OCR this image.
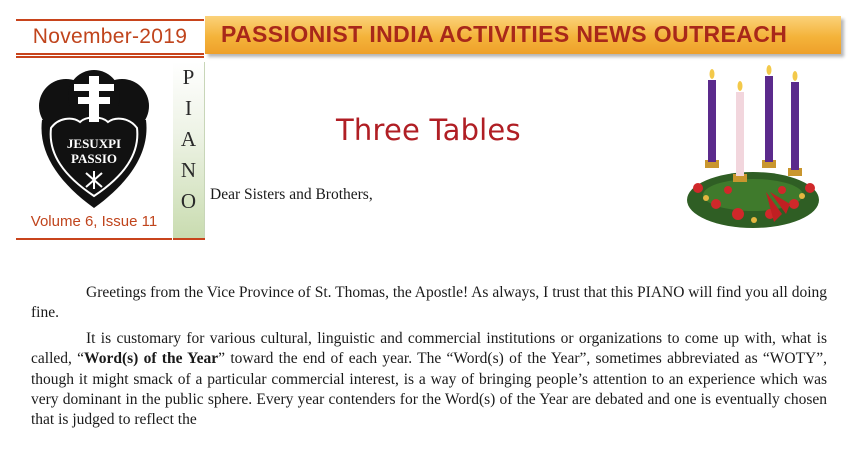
November-2019	PASSIONIST INDIA ACTIVITIES NEWS OUTREACH
JESUXPI
PASSIO
Volume 6, Issue 11
P
I
A
N
O
Three Tables
Dear Sisters and Brothers,

Greetings from the Vice Province of St. Thomas, the Apostle! As always, I trust that this PIANO will find you all doing fine.

It is customary for various cultural, linguistic and commercial institutions or organizations to come up with, what is called, “Word(s) of the Year” toward the end of each year. The “Word(s) of the Year”, sometimes abbreviated as “WOTY”, though it might smack of a particular commercial interest, is a way of bringing people’s attention to an experience which was very dominant in the public sphere. Every year contenders for the Word(s) of the Year are debated and one is eventually chosen that is judged to reflect the
